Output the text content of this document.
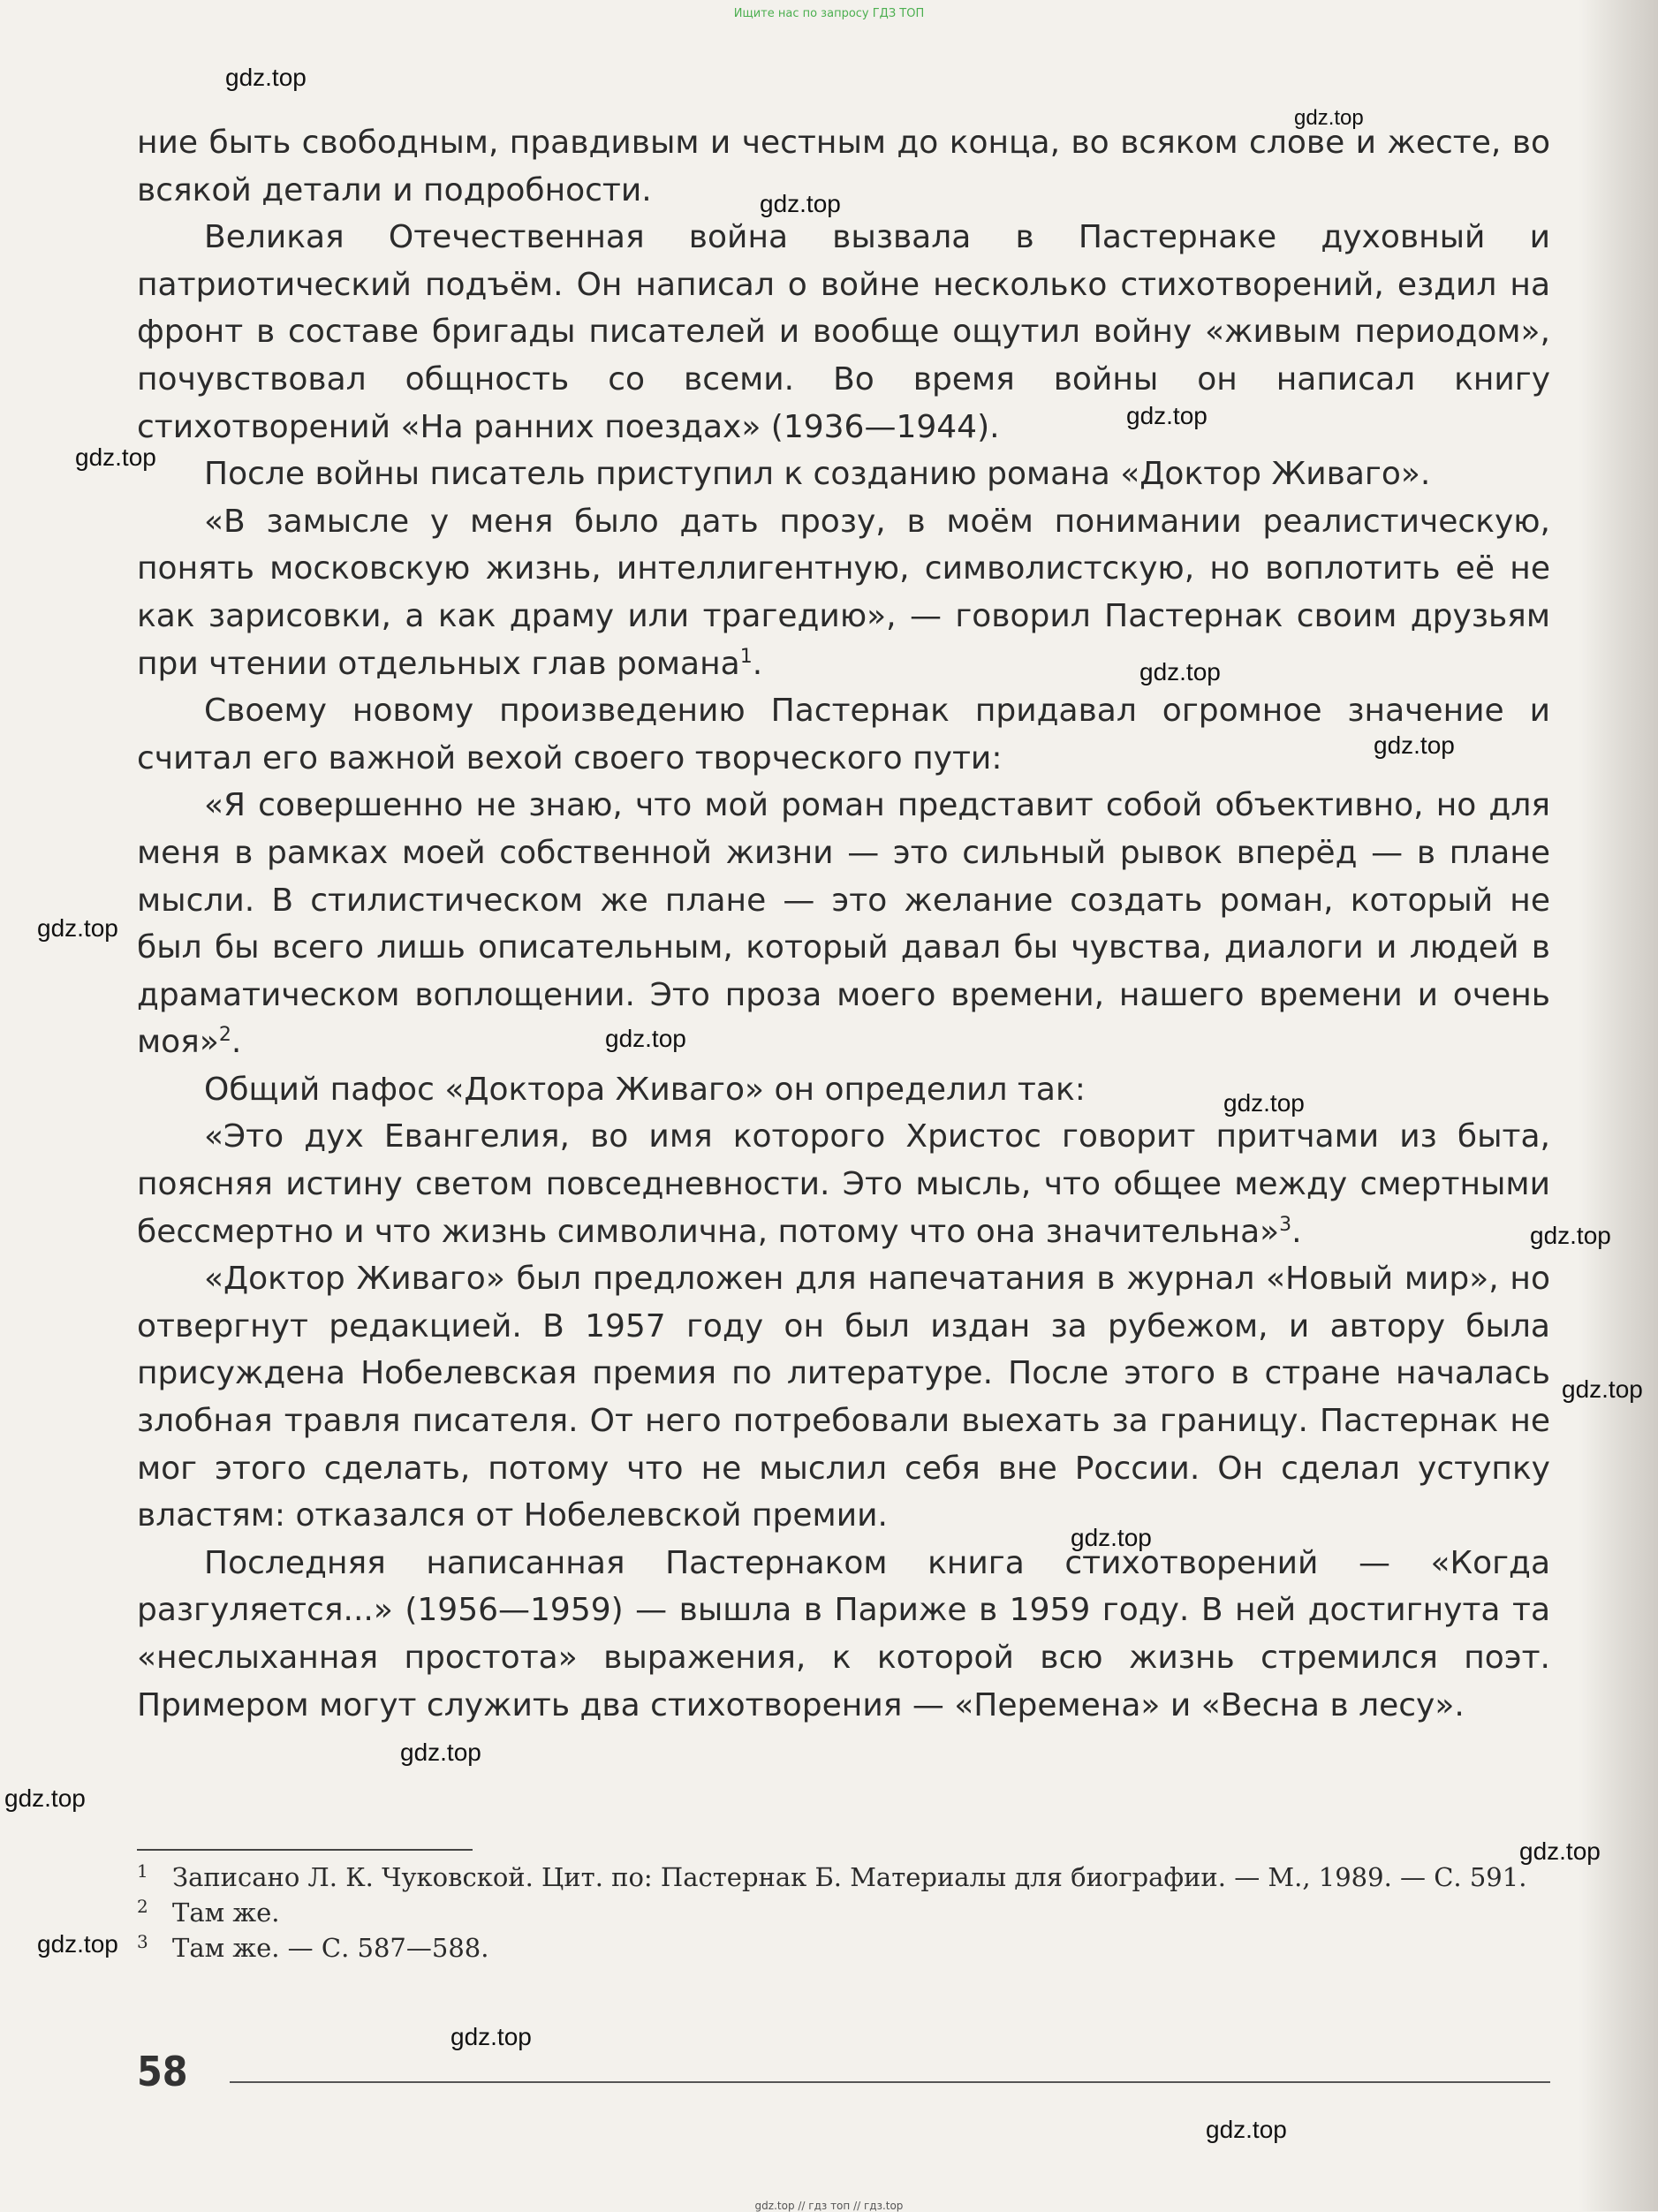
Ищите нас по запросу ГДЗ ТОП

ние быть свободным, правдивым и честным до конца, во всяком слове и жесте, во всякой детали и подробности.

Великая Отечественная война вызвала в Пастернаке духовный и патриотический подъём. Он написал о войне несколько стихотворений, ездил на фронт в составе бригады писателей и вообще ощутил войну «живым периодом», почувствовал общность со всеми. Во время войны он написал книгу стихотворений «На ранних поездах» (1936—1944).

После войны писатель приступил к созданию романа «Доктор Живаго».

«В замысле у меня было дать прозу, в моём понимании реалистическую, понять московскую жизнь, интеллигентную, символистскую, но воплотить её не как зарисовки, а как драму или трагедию», — говорил Пастернак своим друзьям при чтении отдельных глав романа$^1$.

Своему новому произведению Пастернак придавал огромное значение и считал его важной вехой своего творческого пути:

«Я совершенно не знаю, что мой роман представит собой объективно, но для меня в рамках моей собственной жизни — это сильный рывок вперёд — в плане мысли. В стилистическом же плане — это желание создать роман, который не был бы всего лишь описательным, который давал бы чувства, диалоги и людей в драматическом воплощении. Это проза моего времени, нашего времени и очень моя»$^2$.

Общий пафос «Доктора Живаго» он определил так:

«Это дух Евангелия, во имя которого Христос говорит притчами из быта, поясняя истину светом повседневности. Это мысль, что общее между смертными бессмертно и что жизнь символична, потому что она значительна»$^3$.

«Доктор Живаго» был предложен для напечатания в журнал «Новый мир», но отвергнут редакцией. В 1957 году он был издан за рубежом, и автору была присуждена Нобелевская премия по литературе. После этого в стране началась злобная травля писателя. От него потребовали выехать за границу. Пастернак не мог этого сделать, потому что не мыслил себя вне России. Он сделал уступку властям: отказался от Нобелевской премии.

Последняя написанная Пастернаком книга стихотворений — «Когда разгуляется...» (1956—1959) — вышла в Париже в 1959 году. В ней достигнута та «неслыханная простота» выражения, к которой всю жизнь стремился поэт. Примером могут служить два стихотворения — «Перемена» и «Весна в лесу».

$^1$ Записано Л. К. Чуковской. Цит. по: Пастернак Б. Материалы для биографии. — М., 1989. — С. 591.

$^2$ Там же.

$^3$ Там же. — С. 587—588.

58
gdz.top
gdz.top
gdz.top
gdz.top
gdz.top
gdz.top
gdz.top
gdz.top
gdz.top
gdz.top
gdz.top
gdz.top
gdz.top
gdz.top
gdz.top
gdz.top
gdz.top
gdz.top
gdz.top
gdz.top // гдз топ // гдз.top
